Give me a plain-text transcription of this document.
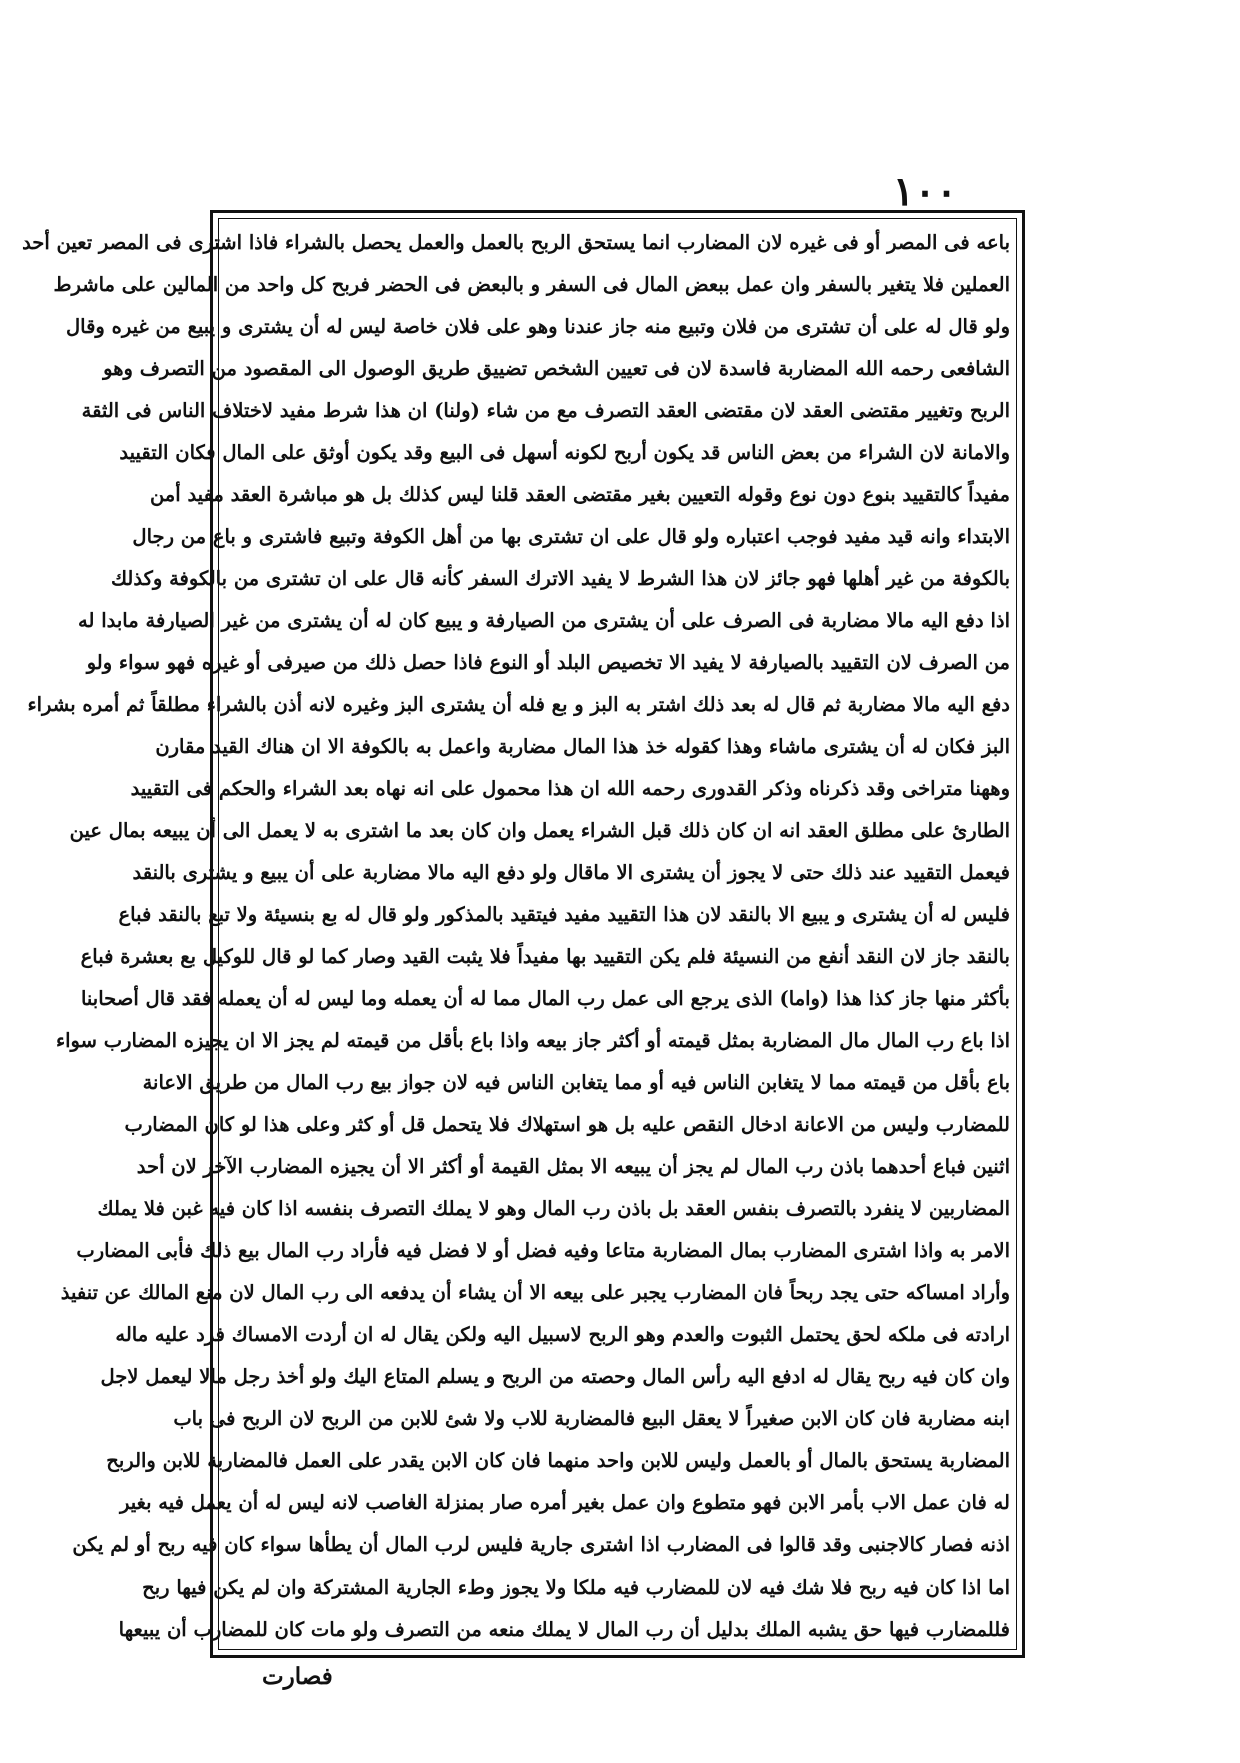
١٠٠
باعه فى المصر أو فى غيره لان المضارب انما يستحق الربح بالعمل والعمل يحصل بالشراء فاذا اشترى فى المصر تعين أحد
العملين فلا يتغير بالسفر وان عمل ببعض المال فى السفر و بالبعض فى الحضر فربح كل واحد من المالين على ماشرط
ولو قال له على أن تشترى من فلان وتبيع منه جاز عندنا وهو على فلان خاصة ليس له أن يشترى و يبيع من غيره وقال
الشافعى رحمه الله المضاربة فاسدة لان فى تعيين الشخص تضييق طريق الوصول الى المقصود من التصرف وهو
الربح وتغيير مقتضى العقد لان مقتضى العقد التصرف مع من شاء (ولنا) ان هذا شرط مفيد لاختلاف الناس فى الثقة
والامانة لان الشراء من بعض الناس قد يكون أربح لكونه أسهل فى البيع وقد يكون أوثق على المال فكان التقييد
مفيداً كالتقييد بنوع دون نوع وقوله التعيين بغير مقتضى العقد قلنا ليس كذلك بل هو مباشرة العقد مفيد أمن
الابتداء وانه قيد مفيد فوجب اعتباره ولو قال على ان تشترى بها من أهل الكوفة وتبيع فاشترى و باع من رجال
بالكوفة من غير أهلها فهو جائز لان هذا الشرط لا يفيد الاترك السفر كأنه قال على ان تشترى من بالكوفة وكذلك
اذا دفع اليه مالا مضاربة فى الصرف على أن يشترى من الصيارفة و يبيع كان له أن يشترى من غير الصيارفة مابدا له
من الصرف لان التقييد بالصيارفة لا يفيد الا تخصيص البلد أو النوع فاذا حصل ذلك من صيرفى أو غيره فهو سواء ولو
دفع اليه مالا مضاربة ثم قال له بعد ذلك اشتر به البز و بع فله أن يشترى البز وغيره لانه أذن بالشراء مطلقاً ثم أمره بشراء
البز فكان له أن يشترى ماشاء وهذا كقوله خذ هذا المال مضاربة واعمل به بالكوفة الا ان هناك القيد مقارن
وههنا متراخى وقد ذكرناه وذكر القدورى رحمه الله ان هذا محمول على انه نهاه بعد الشراء والحكم فى التقييد
الطارئ على مطلق العقد انه ان كان ذلك قبل الشراء يعمل وان كان بعد ما اشترى به لا يعمل الى أن يبيعه بمال عين
فيعمل التقييد عند ذلك حتى لا يجوز أن يشترى الا ماقال ولو دفع اليه مالا مضاربة على أن يبيع و يشترى بالنقد
فليس له أن يشترى و يبيع الا بالنقد لان هذا التقييد مفيد فيتقيد بالمذكور ولو قال له بع بنسيئة ولا تبع بالنقد فباع
بالنقد جاز لان النقد أنفع من النسيئة فلم يكن التقييد بها مفيداً فلا يثبت القيد وصار كما لو قال للوكيل بع بعشرة فباع
بأكثر منها جاز كذا هذا (واما) الذى يرجع الى عمل رب المال مما له أن يعمله وما ليس له أن يعمله فقد قال أصحابنا
اذا باع رب المال مال المضاربة بمثل قيمته أو أكثر جاز بيعه واذا باع بأقل من قيمته لم يجز الا ان يجيزه المضارب سواء
باع بأقل من قيمته مما لا يتغابن الناس فيه أو مما يتغابن الناس فيه لان جواز بيع رب المال من طريق الاعانة
للمضارب وليس من الاعانة ادخال النقص عليه بل هو استهلاك فلا يتحمل قل أو كثر وعلى هذا لو كان المضارب
اثنين فباع أحدهما باذن رب المال لم يجز أن يبيعه الا بمثل القيمة أو أكثر الا أن يجيزه المضارب الآخر لان أحد
المضاربين لا ينفرد بالتصرف بنفس العقد بل باذن رب المال وهو لا يملك التصرف بنفسه اذا كان فيه غبن فلا يملك
الامر به واذا اشترى المضارب بمال المضاربة متاعا وفيه فضل أو لا فضل فيه فأراد رب المال بيع ذلك فأبى المضارب
وأراد امساكه حتى يجد ربحاً فان المضارب يجبر على بيعه الا أن يشاء أن يدفعه الى رب المال لان منع المالك عن تنفيذ
ارادته فى ملكه لحق يحتمل الثبوت والعدم وهو الربح لاسبيل اليه ولكن يقال له ان أردت الامساك فرد عليه ماله
وان كان فيه ربح يقال له ادفع اليه رأس المال وحصته من الربح و يسلم المتاع اليك ولو أخذ رجل مالا ليعمل لاجل
ابنه مضاربة فان كان الابن صغيراً لا يعقل البيع فالمضاربة للاب ولا شئ للابن من الربح لان الربح فى باب
المضاربة يستحق بالمال أو بالعمل وليس للابن واحد منهما فان كان الابن يقدر على العمل فالمضاربة للابن والربح
له فان عمل الاب بأمر الابن فهو متطوع وان عمل بغير أمره صار بمنزلة الغاصب لانه ليس له أن يعمل فيه بغير
اذنه فصار كالاجنبى وقد قالوا فى المضارب اذا اشترى جارية فليس لرب المال أن يطأها سواء كان فيه ربح أو لم يكن
اما اذا كان فيه ربح فلا شك فيه لان للمضارب فيه ملكا ولا يجوز وطء الجارية المشتركة وان لم يكن فيها ربح
فللمضارب فيها حق يشبه الملك بدليل أن رب المال لا يملك منعه من التصرف ولو مات كان للمضارب أن يبيعها
فصارت
